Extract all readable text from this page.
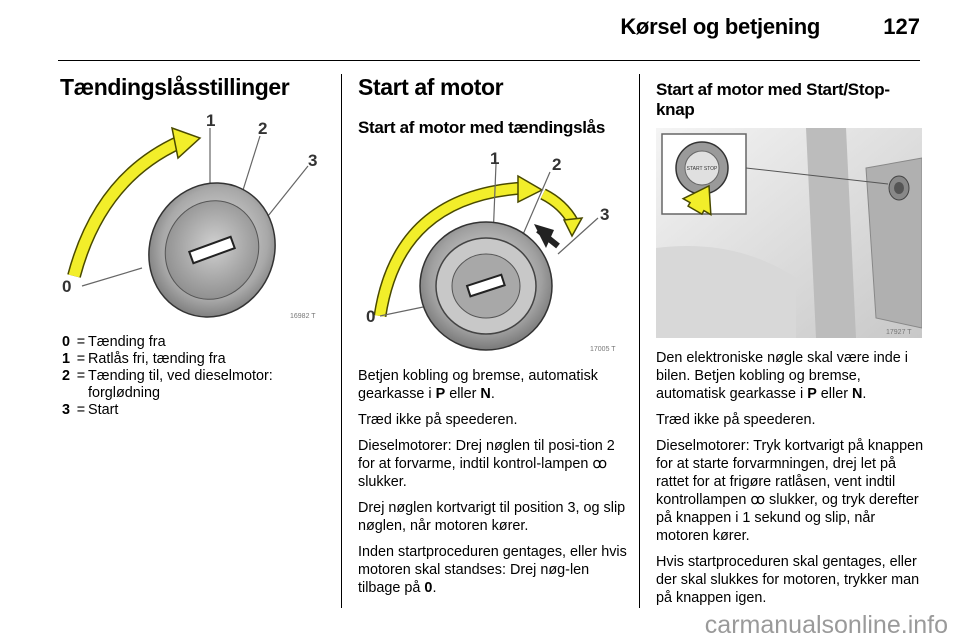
Kørsel og betjening	127
Tændingslåsstillinger
1	2
3
0
16982 T
0 = Tænding fra
1 = Ratlås fri, tænding fra
2 = Tænding til, ved dieselmotor: forglødning
3 = Start
Start af motor
Start af motor med tændingslås
1	2
3
0
17005 T

Betjen kobling og bremse, automatisk gearkasse i P eller N.

Træd ikke på speederen.

Dieselmotorer: Drej nøglen til posi-tion 2 for at forvarme, indtil kontrol-lampen ꝏ slukker.

Drej nøglen kortvarigt til position 3, og slip nøglen, når motoren kører.

Inden startproceduren gentages, eller hvis motoren skal standses: Drej nøg-len tilbage på 0.

Start af motor med Start/Stop-knap
START STOP
17927 T

Den elektroniske nøgle skal være inde i bilen. Betjen kobling og bremse, automatisk gearkasse i P eller N.

Træd ikke på speederen.

Dieselmotorer: Tryk kortvarigt på knappen for at starte forvarmningen, drej let på rattet for at frigøre ratlåsen, vent indtil kontrollampen ꝏ slukker, og tryk derefter på knappen i 1 sekund og slip, når motoren kører.

Hvis startproceduren skal gentages, eller der skal slukkes for motoren, trykker man på knappen igen.

carmanualsonline.info
